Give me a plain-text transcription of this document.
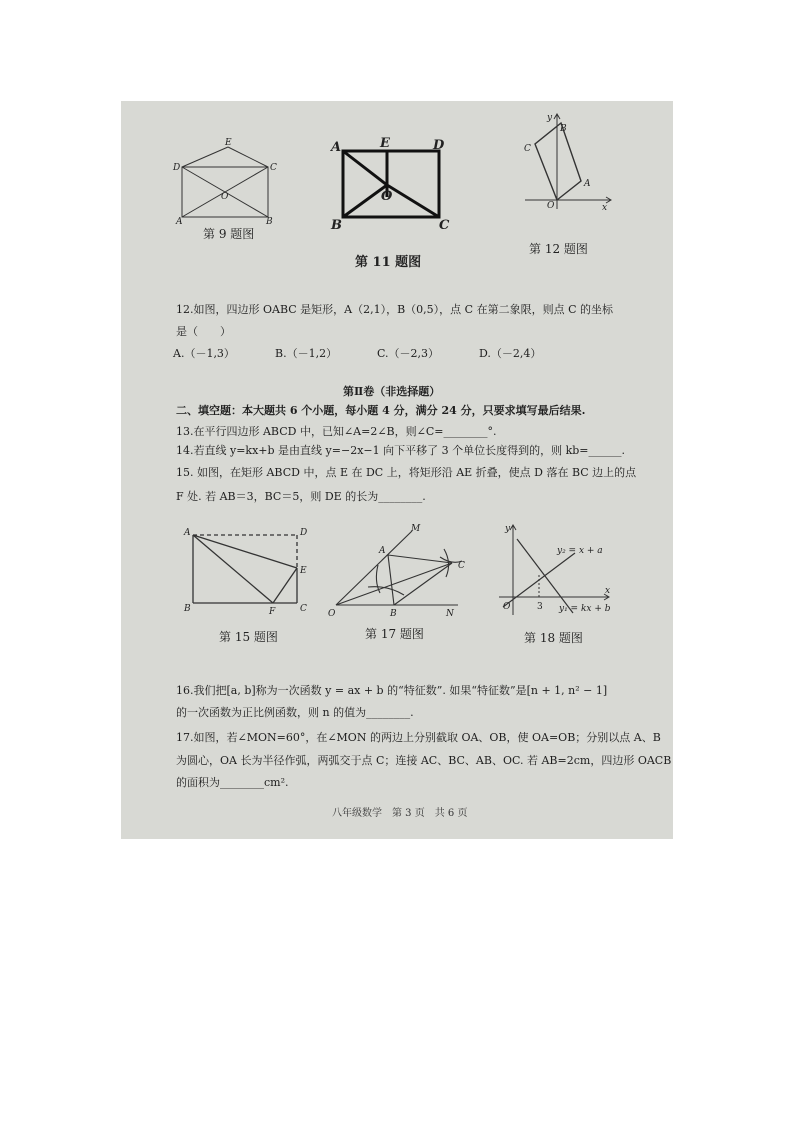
E
D	C
O
A	B
第 9 题图
A	E	D
O
B	C
第 11 题图
y
B
C
A
O	x
第 12 题图
12.如图，四边形 OABC 是矩形，A（2,1），B（0,5），点 C 在第二象限，则点 C 的坐标
是（　　）
A.（－1,3）	B.（－1,2）	C.（－2,3）	D.（－2,4）
第Ⅱ卷（非选择题）
二、填空题：本大题共 6 个小题，每小题 4 分，满分 24 分，只要求填写最后结果.
13.在平行四边形 ABCD 中，已知∠A=2∠B，则∠C=________°.
14.若直线 y=kx+b 是由直线 y=−2x−1 向下平移了 3 个单位长度得到的，则 kb=______.
15. 如图，在矩形 ABCD 中，点 E 在 DC 上，将矩形沿 AE 折叠，使点 D 落在 BC 边上的点
F 处. 若 AB＝3，BC＝5，则 DE 的长为________.
A	D
E
B	F	C
第 15 题图
M
A
C
O	B	N
第 17 题图
y
y₂ = x + a
x
O	3 y₁ = kx + b
第 18 题图
16.我们把[a, b]称为一次函数 y = ax + b 的“特征数”. 如果“特征数”是[n + 1, n² − 1]
的一次函数为正比例函数，则 n 的值为________.
17.如图，若∠MON=60°，在∠MON 的两边上分别截取 OA、OB，使 OA=OB；分别以点 A、B
为圆心，OA 长为半径作弧，两弧交于点 C；连接 AC、BC、AB、OC. 若 AB=2cm，四边形 OACB
的面积为________cm².
八年级数学　第 3 页　共 6 页
